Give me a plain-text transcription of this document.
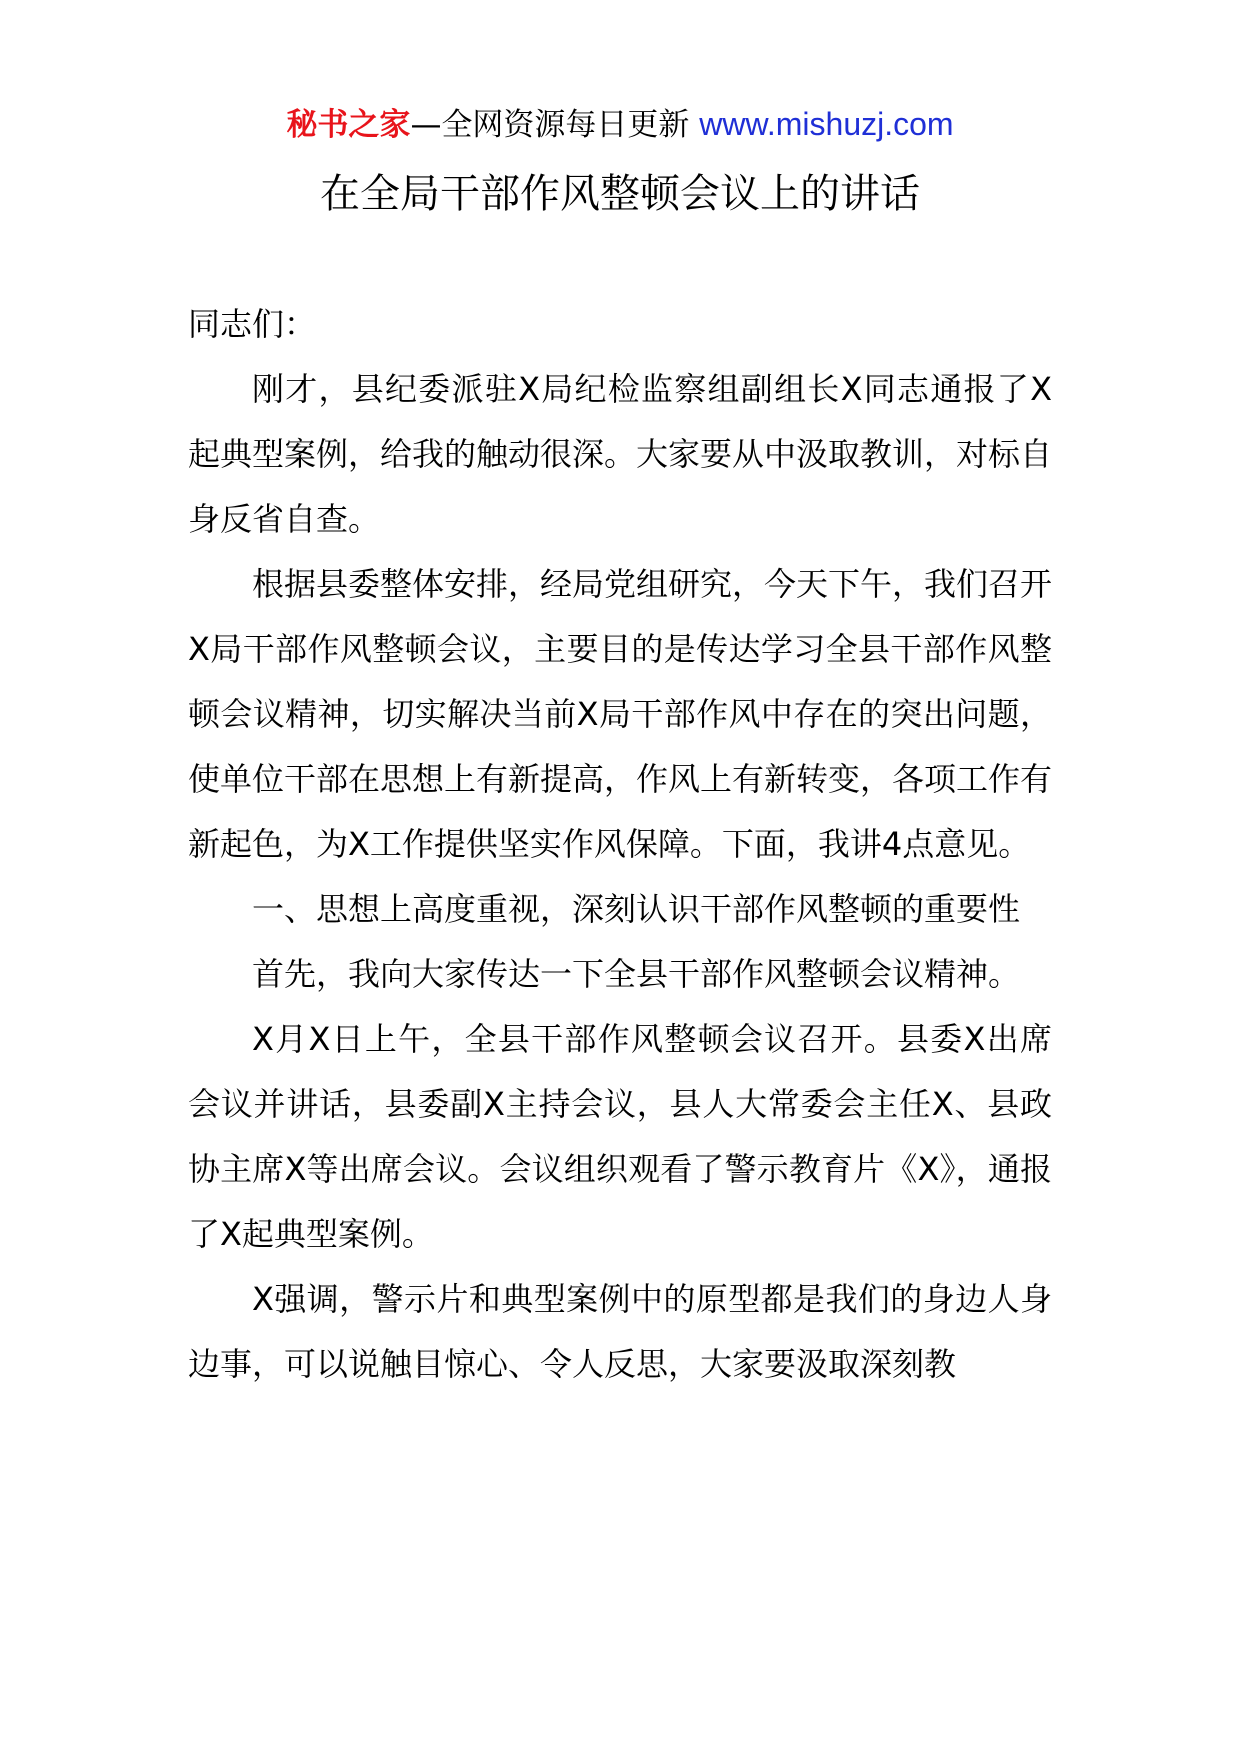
秘书之家—全网资源每日更新 www.mishuzj.com
在全局干部作风整顿会议上的讲话

同志们：

刚才，县纪委派驻X局纪检监察组副组长X同志通报了X起典型案例，给我的触动很深。大家要从中汲取教训，对标自身反省自查。

根据县委整体安排，经局党组研究，今天下午，我们召开X局干部作风整顿会议，主要目的是传达学习全县干部作风整顿会议精神，切实解决当前X局干部作风中存在的突出问题，使单位干部在思想上有新提高，作风上有新转变，各项工作有新起色，为X工作提供坚实作风保障。下面，我讲4点意见。

一、思想上高度重视，深刻认识干部作风整顿的重要性

首先，我向大家传达一下全县干部作风整顿会议精神。

X月X日上午，全县干部作风整顿会议召开。县委X出席会议并讲话，县委副X主持会议，县人大常委会主任X、县政协主席X等出席会议。会议组织观看了警示教育片《X》，通报了X起典型案例。

X强调，警示片和典型案例中的原型都是我们的身边人身边事，可以说触目惊心、令人反思，大家要汲取深刻教
